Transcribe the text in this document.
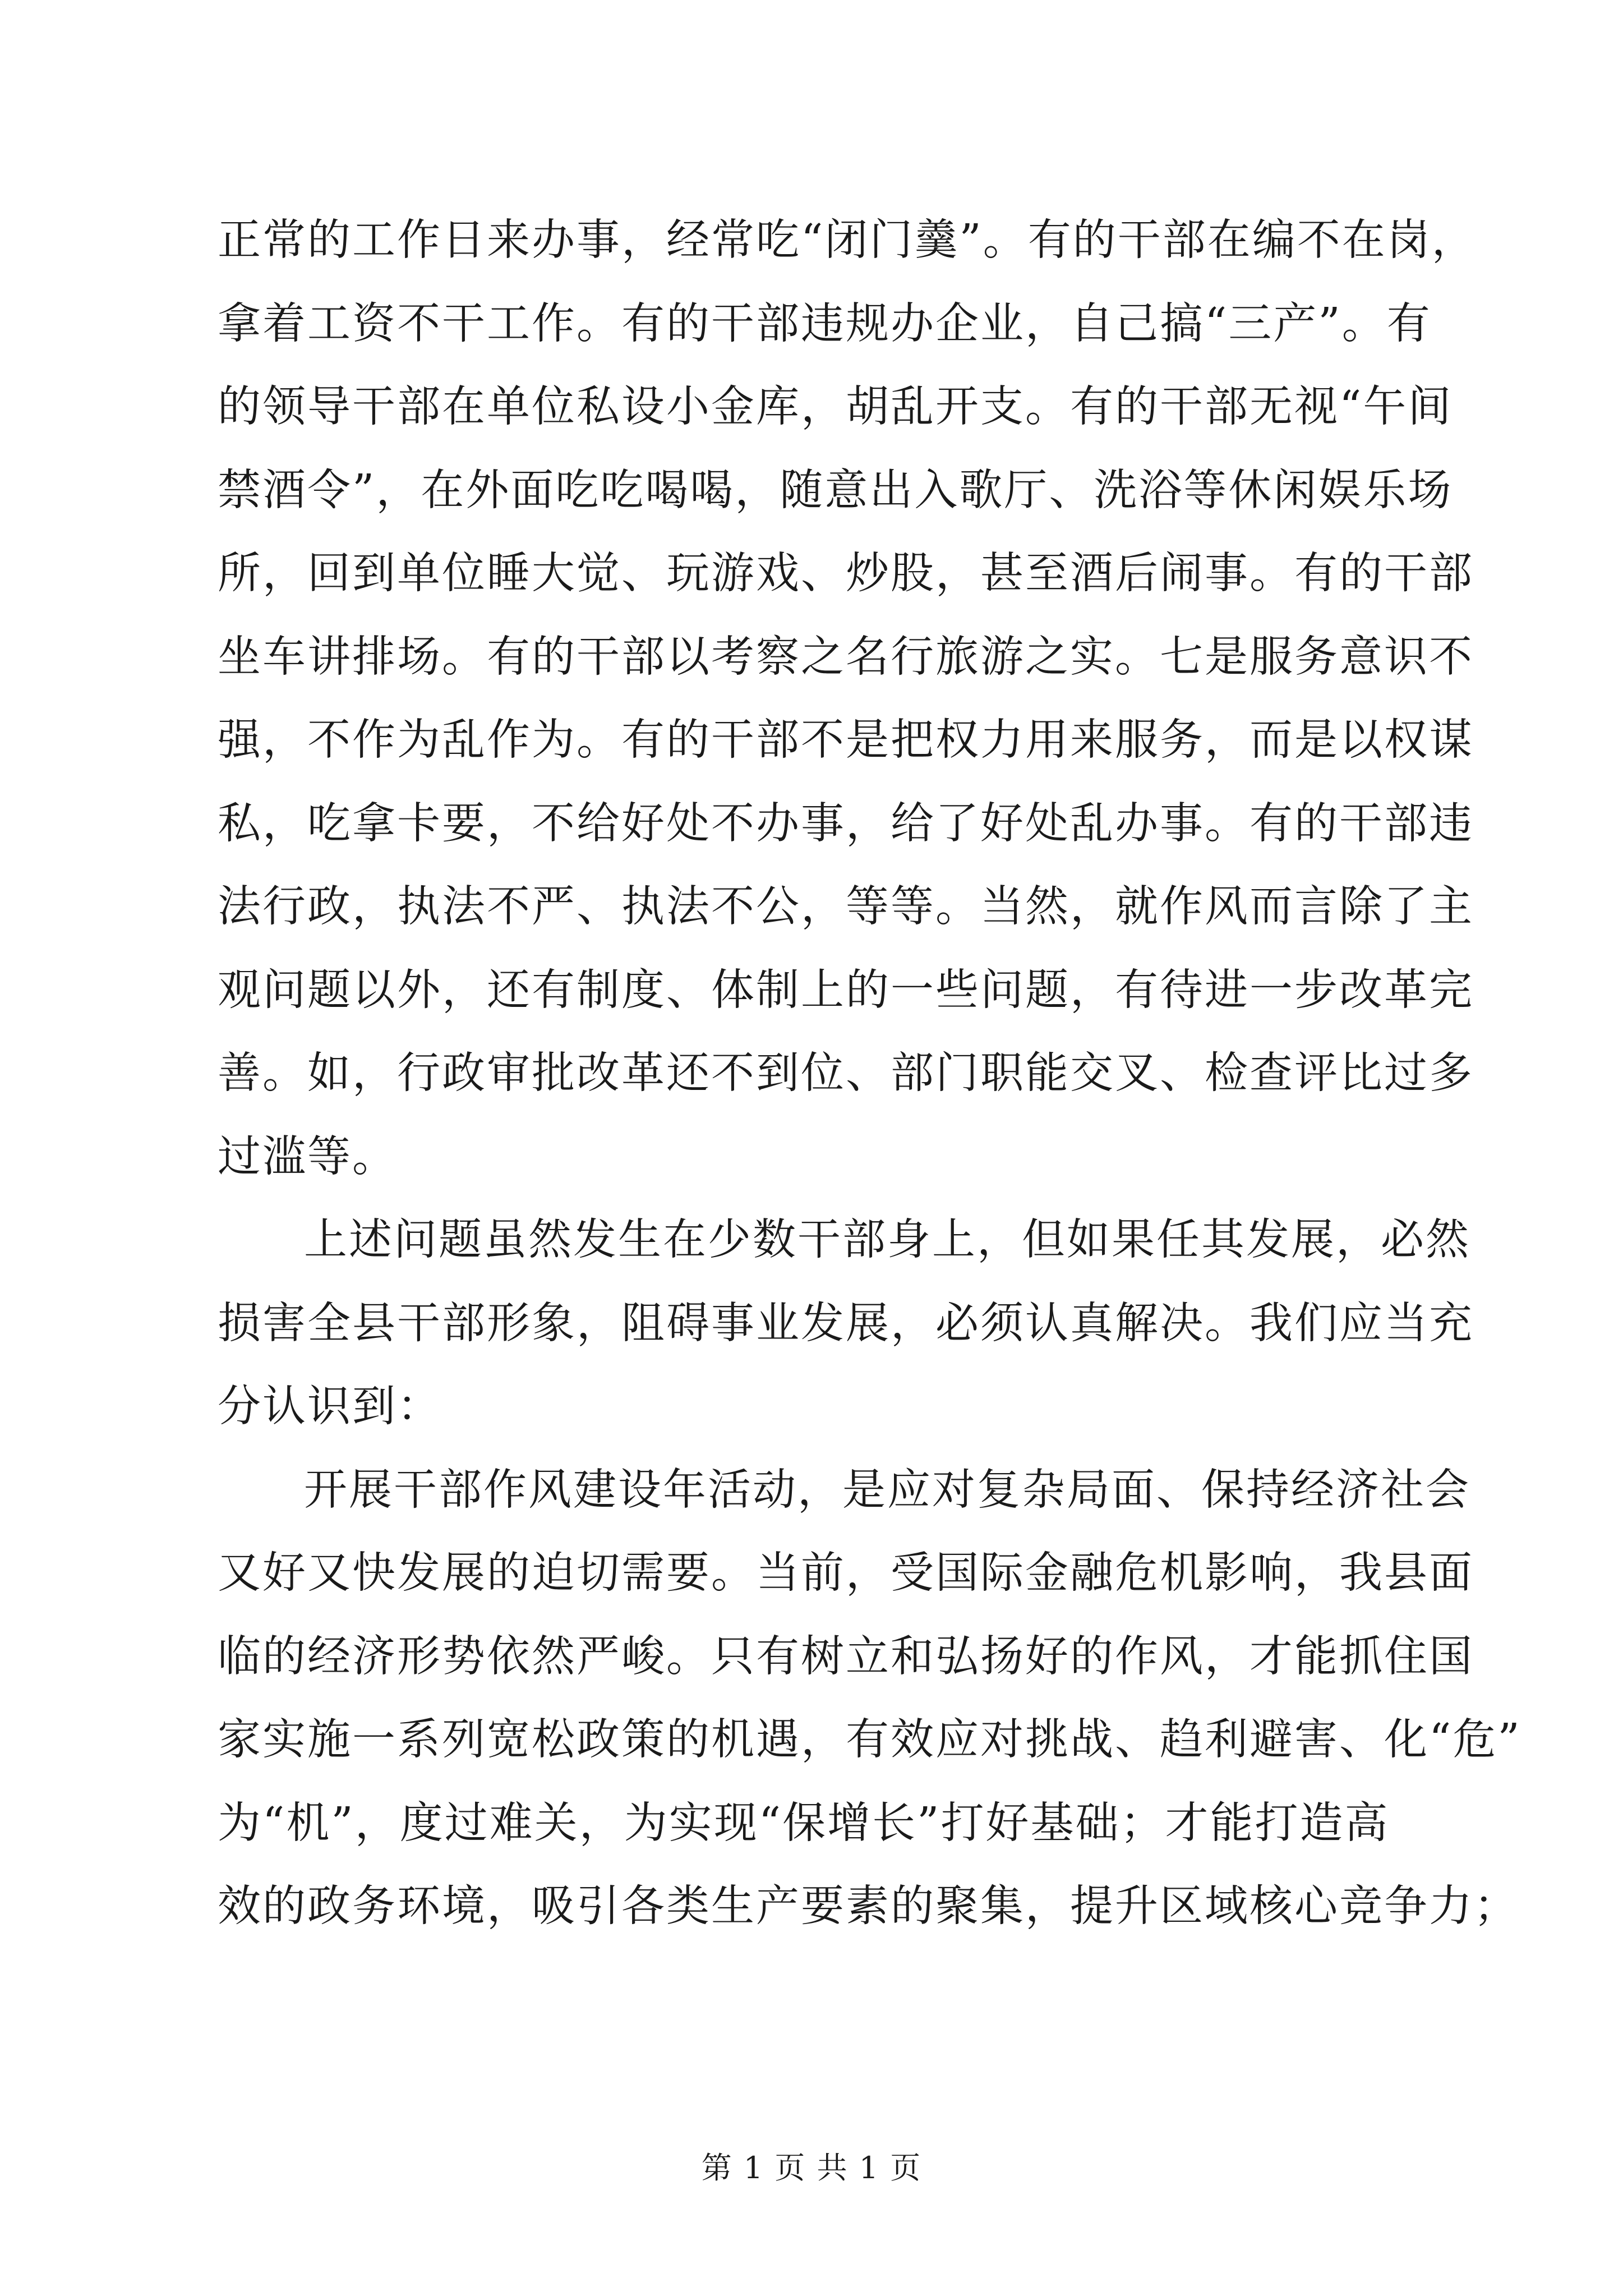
正常的工作日来办事，经常吃“闭门羹”。有的干部在编不在岗，
拿着工资不干工作。有的干部违规办企业，自己搞“三产”。有
的领导干部在单位私设小金库，胡乱开支。有的干部无视“午间
禁酒令”，在外面吃吃喝喝，随意出入歌厅、洗浴等休闲娱乐场
所，回到单位睡大觉、玩游戏、炒股，甚至酒后闹事。有的干部
坐车讲排场。有的干部以考察之名行旅游之实。七是服务意识不
强，不作为乱作为。有的干部不是把权力用来服务，而是以权谋
私，吃拿卡要，不给好处不办事，给了好处乱办事。有的干部违
法行政，执法不严、执法不公，等等。当然，就作风而言除了主
观问题以外，还有制度、体制上的一些问题，有待进一步改革完
善。如，行政审批改革还不到位、部门职能交叉、检查评比过多
过滥等。
上述问题虽然发生在少数干部身上，但如果任其发展，必然
损害全县干部形象，阻碍事业发展，必须认真解决。我们应当充
分认识到：
开展干部作风建设年活动，是应对复杂局面、保持经济社会
又好又快发展的迫切需要。当前，受国际金融危机影响，我县面
临的经济形势依然严峻。只有树立和弘扬好的作风，才能抓住国
家实施一系列宽松政策的机遇，有效应对挑战、趋利避害、化“危”
为“机”，度过难关，为实现“保增长”打好基础；才能打造高
效的政务环境，吸引各类生产要素的聚集，提升区域核心竞争力；
第 1 页 共 1 页
